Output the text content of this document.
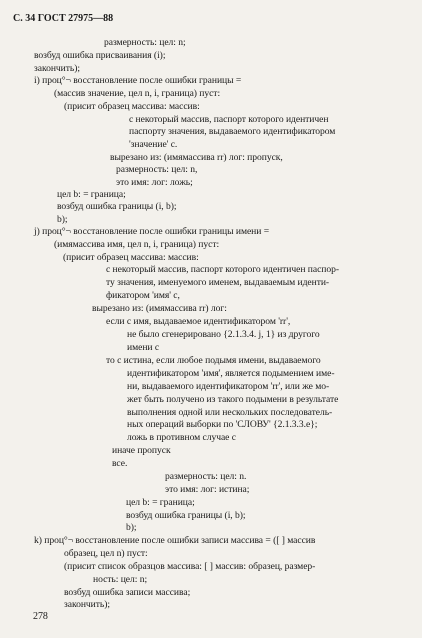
С. 34 ГОСТ 27975—88
размерность: цел: n;
возбуд ошибка присваивания (i);
закончить);
i) проц°¬ восстановление после ошибки границы =
(массив значение, цел n, i, граница) пуст:
(присит образец массива: массив:
с некоторый массив, паспорт которого идентичен
паспорту значения, выдаваемого идентификатором
'значение' с.
вырезано из: (имямассива rr) лог: пропуск,
размерность: цел: n,
это имя: лог: ложь;
цел b: = граница;
возбуд ошибка границы (i, b);
b);
j) проц°¬ восстановление после ошибки границы имени =
(имямассива имя, цел n, i, граница) пуст:
(присит образец массива: массив:
с некоторый массив, паспорт которого идентичен паспор-
ту значения, именуемого именем, выдаваемым иденти-
фикатором 'имя' с,
вырезано из: (имямассива rr) лог:
если с имя, выдаваемое идентификатором 'rr',
не было сгенерировано {2.1.3.4. j, 1} из другого
имени с
то с истина, если любое подымя имени, выдаваемого
идентификатором 'имя', является подымением име-
ни, выдаваемого идентификатором 'rr', или же мо-
жет быть получено из такого подымени в результате
выполнения одной или нескольких последователь-
ных операций выборки по 'СЛОВУ' {2.1.3.3.е};
ложь в противном случае с
иначе пропуск
все.
размерность: цел: n.
это имя: лог: истина;
цел b: = граница;
возбуд ошибка границы (i, b);
b);
k) проц°¬ восстановление после ошибки записи массива = ([ ] массив
образец, цел n) пуст:
(присит список образцов массива: [ ] массив: образец, размер-
ность: цел: n;
возбуд ошибка записи массива;
закончить);
278
